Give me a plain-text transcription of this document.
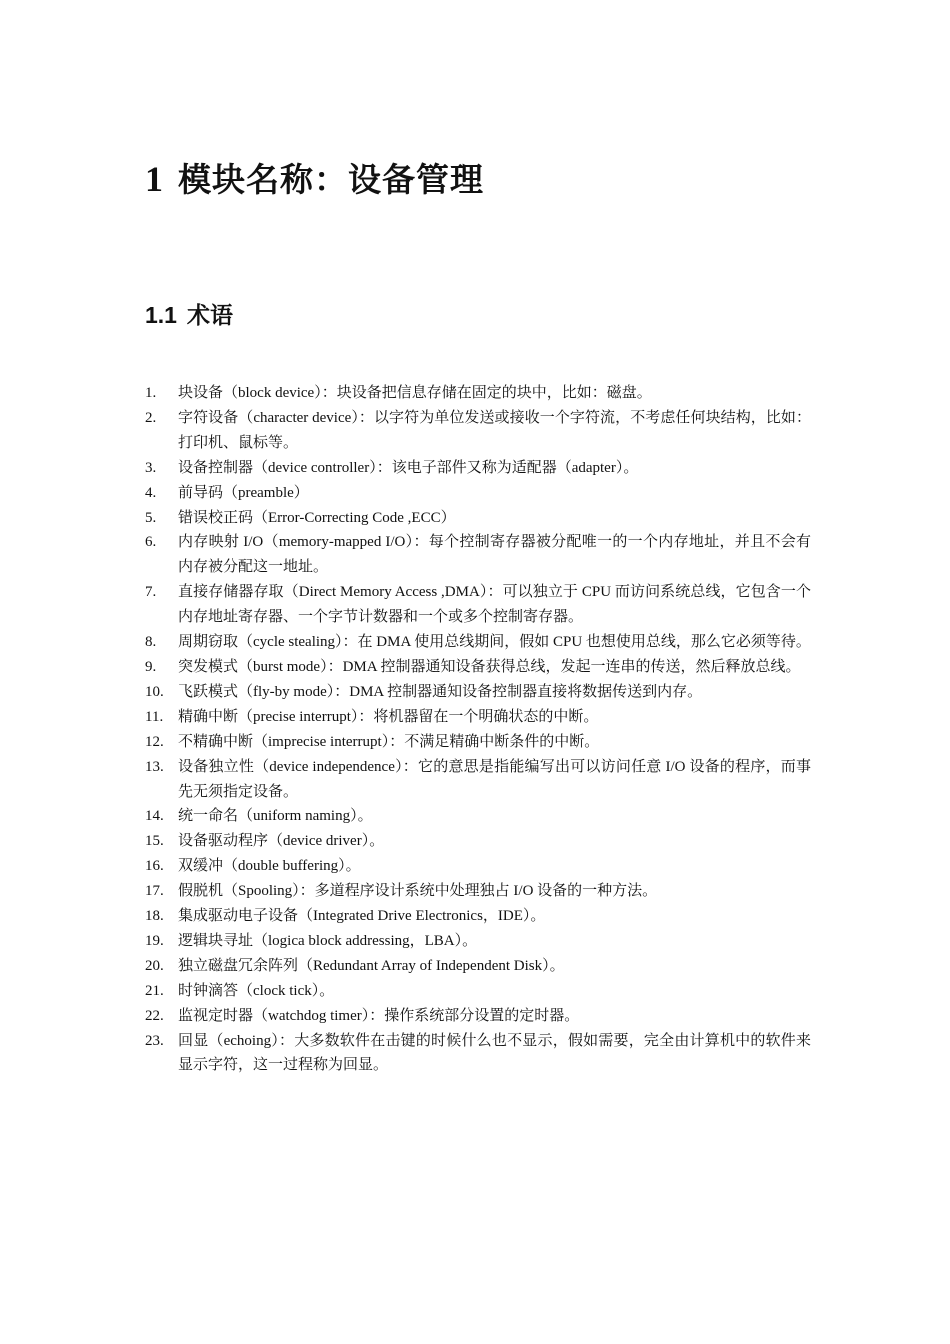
1 模块名称：设备管理
1.1 术语
1. 块设备（block device）：块设备把信息存储在固定的块中，比如：磁盘。
2. 字符设备（character device）：以字符为单位发送或接收一个字符流，不考虑任何块结构，比如：打印机、鼠标等。
3. 设备控制器（device controller）：该电子部件又称为适配器（adapter）。
4. 前导码（preamble）
5. 错误校正码（Error-Correcting Code ,ECC）
6. 内存映射 I/O（memory-mapped I/O）：每个控制寄存器被分配唯一的一个内存地址，并且不会有内存被分配这一地址。
7. 直接存储器存取（Direct Memory Access ,DMA）：可以独立于 CPU 而访问系统总线，它包含一个内存地址寄存器、一个字节计数器和一个或多个控制寄存器。
8. 周期窃取（cycle stealing）：在 DMA 使用总线期间，假如 CPU 也想使用总线，那么它必须等待。
9. 突发模式（burst mode）：DMA 控制器通知设备获得总线，发起一连串的传送，然后释放总线。
10. 飞跃模式（fly-by mode）：DMA 控制器通知设备控制器直接将数据传送到内存。
11. 精确中断（precise interrupt）：将机器留在一个明确状态的中断。
12. 不精确中断（imprecise interrupt）：不满足精确中断条件的中断。
13. 设备独立性（device independence）：它的意思是指能编写出可以访问任意 I/O 设备的程序，而事先无须指定设备。
14. 统一命名（uniform naming）。
15. 设备驱动程序（device driver）。
16. 双缓冲（double buffering）。
17. 假脱机（Spooling）：多道程序设计系统中处理独占 I/O 设备的一种方法。
18. 集成驱动电子设备（Integrated Drive Electronics，IDE）。
19. 逻辑块寻址（logica block addressing，LBA）。
20. 独立磁盘冗余阵列（Redundant Array of Independent Disk）。
21. 时钟滴答（clock tick）。
22. 监视定时器（watchdog timer）：操作系统部分设置的定时器。
23. 回显（echoing）：大多数软件在击键的时候什么也不显示，假如需要，完全由计算机中的软件来显示字符，这一过程称为回显。
